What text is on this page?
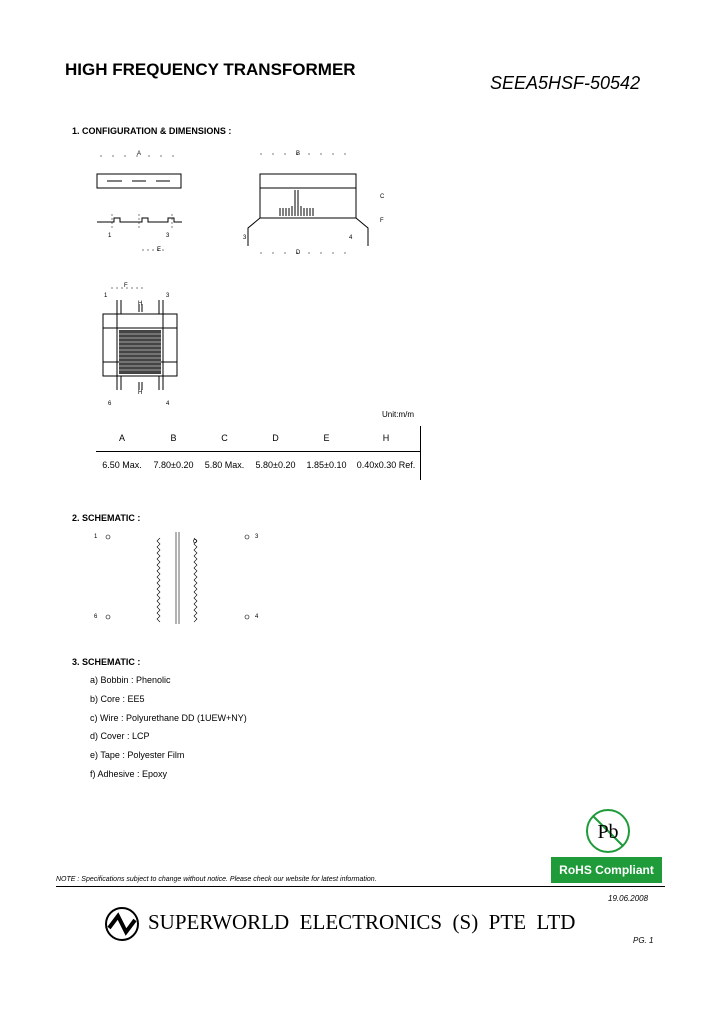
HIGH FREQUENCY TRANSFORMER
SEEA5HSF-50542
1. CONFIGURATION & DIMENSIONS :
A
1	3
E
B
3	4
D
C
F
F
1	3
H
H
6	4
Unit:m/m
A	B	C	D	E	H
6.50 Max.	7.80±0.20	5.80 Max.	5.80±0.20	1.85±0.10	0.40x0.30 Ref.
2. SCHEMATIC :
1	3
6	4
3. SCHEMATIC :
a) Bobbin : Phenolic
b) Core : EE5
c) Wire : Polyurethane DD (1UEW+NY)
d) Cover : LCP
e) Tape : Polyester Film
f) Adhesive : Epoxy
Pb
RoHS Compliant
NOTE : Specifications subject to change without notice. Please check our website for latest information.
19.06.2008
SUPERWORLD  ELECTRONICS  (S)  PTE  LTD
PG. 1
